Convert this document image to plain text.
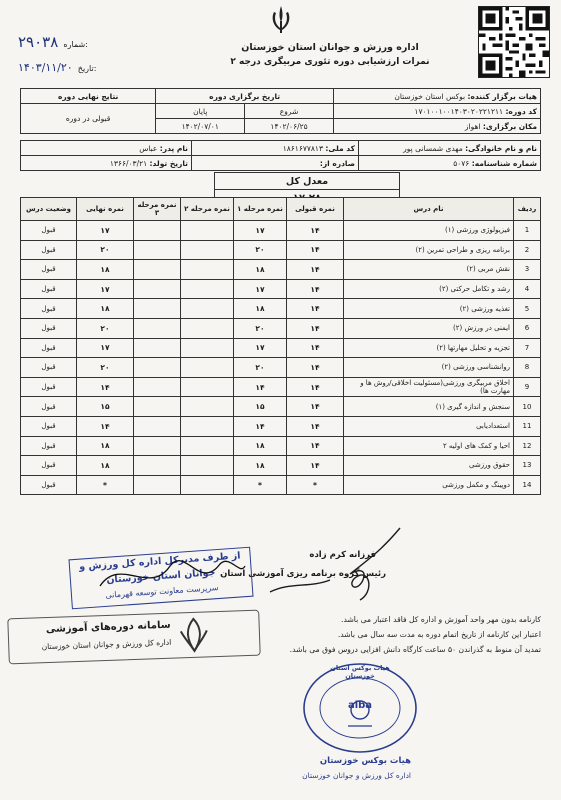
اداره ورزش و جوانان استان خوزستان
نمرات ارزشیابی دوره تئوری مربیگری درجه ۲
۲۹۰۳۸ شماره:
۱۴۰۳/۱۱/۲۰ تاریخ:
هیات برگزار کننده: بوکس استان خوزستان	تاریخ برگزاری دوره		نتایج نهایی دوره
کد دوره: ۱۷۰۱۰۰۱۰۰۱۴۰۳۰۲۰۲۲۱۲۱۱	شروع	پایان	قبولی در دوره
مکان برگزاری: اهواز	۱۴۰۲/۰۶/۲۵	۱۴۰۲/۰۷/۰۱	
نام و نام خانوادگی: مهدی شمسانی پور	کد ملی: ۱۸۶۱۶۷۷۸۱۳	نام پدر: عباس
شماره شناسنامه: ۵۰۷۶	صادره از:	تاریخ تولد: ۱۳۶۶/۰۳/۲۱
معدل کل

ردیف	نام درس	نمره قبولی	نمره مرحله ۱	نمره مرحله ۲	نمره مرحله ۳	نمره نهایی	وضعیت درس
1	فیزیولوژی ورزشی (۱)	۱۴	۱۷			۱۷	قبول
2	برنامه ریزی و طراحی تمرین (۲)	۱۴	۲۰			۲۰	قبول
3	نقش مربی (۲)	۱۴	۱۸			۱۸	قبول
4	رشد و تکامل حرکتی (۲)	۱۴	۱۷			۱۷	قبول
5	تغذیه ورزشی (۲)	۱۴	۱۸			۱۸	قبول
6	ایمنی در ورزش (۲)	۱۴	۲۰			۲۰	قبول
7	تجزیه و تحلیل مهارتها (۲)	۱۴	۱۷			۱۷	قبول
8	روانشناسی ورزشی (۲)	۱۴	۲۰			۲۰	قبول
9	اخلاق مربیگری ورزشی(مسئولیت اخلاقی/روش ها و مهارت ها)	۱۴	۱۴			۱۴	قبول
10	سنجش و اندازه گیری (۱)	۱۴	۱۵			۱۵	قبول
11	استعدادیابی	۱۴	۱۴			۱۴	قبول
12	احیا و کمک های اولیه ۲	۱۴	۱۸			۱۸	قبول
13	حقوق ورزشی	۱۴	۱۸			۱۸	قبول
14	دوپینگ و مکمل ورزشی	*	*			*	قبول
فرزانه کرم زاده
رئیس گروه برنامه ریزی آموزشی استان
از طرف مدیرکل اداره کل ورزش و جوانان استان خوزستان
سرپرست معاونت توسعه قهرمانی
سامانه دوره‌های آموزشی
اداره کل ورزش و جوانان استان خوزستان
کارنامه بدون مهر واحد آموزش و اداره کل فاقد اعتبار می باشد.
اعتبار این کارنامه از تاریخ اتمام دوره به مدت سه سال می باشد.
تمدید آن منوط به گذراندن ۵۰ ساعت کارگاه دانش افزایی دروس فوق می باشد.
هیات بوکس استان خوزستان
aiba
هیات بوکس خوزستان
اداره کل ورزش و جوانان خوزستان
